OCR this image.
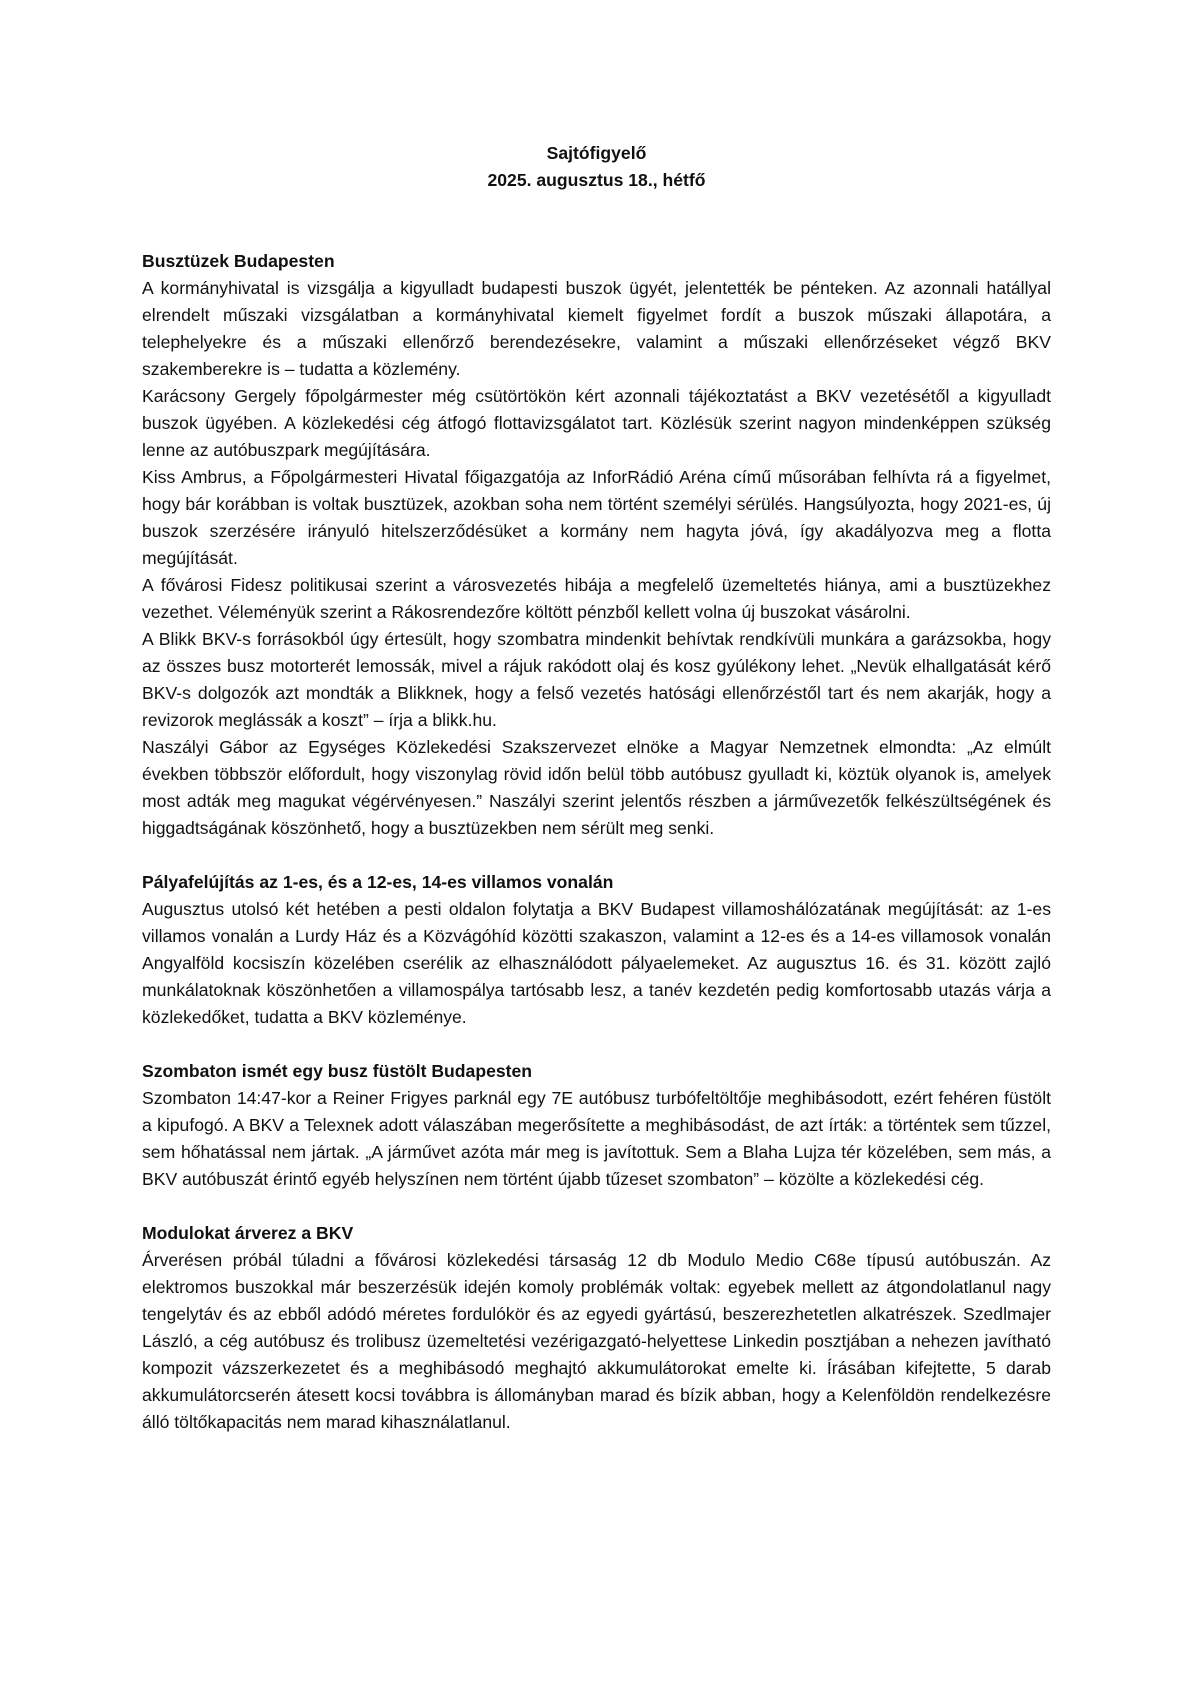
Sajtófigyelő
2025. augusztus 18., hétfő
Busztüzek Budapesten

A kormányhivatal is vizsgálja a kigyulladt budapesti buszok ügyét, jelentették be pénteken. Az azonnali hatállyal elrendelt műszaki vizsgálatban a kormányhivatal kiemelt figyelmet fordít a buszok műszaki állapotára, a telephelyekre és a műszaki ellenőrző berendezésekre, valamint a műszaki ellenőrzéseket végző BKV szakemberekre is – tudatta a közlemény.

Karácsony Gergely főpolgármester még csütörtökön kért azonnali tájékoztatást a BKV vezetésétől a kigyulladt buszok ügyében. A közlekedési cég átfogó flottavizsgálatot tart. Közlésük szerint nagyon mindenképpen szükség lenne az autóbuszpark megújítására.

Kiss Ambrus, a Főpolgármesteri Hivatal főigazgatója az InforRádió Aréna című műsorában felhívta rá a figyelmet, hogy bár korábban is voltak busztüzek, azokban soha nem történt személyi sérülés. Hangsúlyozta, hogy 2021-es, új buszok szerzésére irányuló hitelszerződésüket a kormány nem hagyta jóvá, így akadályozva meg a flotta megújítását.

A fővárosi Fidesz politikusai szerint a városvezetés hibája a megfelelő üzemeltetés hiánya, ami a busztüzekhez vezethet. Véleményük szerint a Rákosrendezőre költött pénzből kellett volna új buszokat vásárolni.

A Blikk BKV-s forrásokból úgy értesült, hogy szombatra mindenkit behívtak rendkívüli munkára a garázsokba, hogy az összes busz motorterét lemossák, mivel a rájuk rakódott olaj és kosz gyúlékony lehet. „Nevük elhallgatását kérő BKV-s dolgozók azt mondták a Blikknek, hogy a felső vezetés hatósági ellenőrzéstől tart és nem akarják, hogy a revizorok meglássák a koszt” – írja a blikk.hu.

Naszályi Gábor az Egységes Közlekedési Szakszervezet elnöke a Magyar Nemzetnek elmondta: „Az elmúlt években többször előfordult, hogy viszonylag rövid időn belül több autóbusz gyulladt ki, köztük olyanok is, amelyek most adták meg magukat végérvényesen.” Naszályi szerint jelentős részben a járművezetők felkészültségének és higgadtságának köszönhető, hogy a busztüzekben nem sérült meg senki.

Pályafelújítás az 1-es, és a 12-es, 14-es villamos vonalán

Augusztus utolsó két hetében a pesti oldalon folytatja a BKV Budapest villamoshálózatának megújítását: az 1-es villamos vonalán a Lurdy Ház és a Közvágóhíd közötti szakaszon, valamint a 12-es és a 14-es villamosok vonalán Angyalföld kocsiszín közelében cserélik az elhasználódott pályaelemeket. Az augusztus 16. és 31. között zajló munkálatoknak köszönhetően a villamospálya tartósabb lesz, a tanév kezdetén pedig komfortosabb utazás várja a közlekedőket, tudatta a BKV közleménye.

Szombaton ismét egy busz füstölt Budapesten

Szombaton 14:47-kor a Reiner Frigyes parknál egy 7E autóbusz turbófeltöltője meghibásodott, ezért fehéren füstölt a kipufogó. A BKV a Telexnek adott válaszában megerősítette a meghibásodást, de azt írták: a történtek sem tűzzel, sem hőhatással nem jártak. „A járművet azóta már meg is javítottuk. Sem a Blaha Lujza tér közelében, sem más, a BKV autóbuszát érintő egyéb helyszínen nem történt újabb tűzeset szombaton” – közölte a közlekedési cég.

Modulokat árverez a BKV

Árverésen próbál túladni a fővárosi közlekedési társaság 12 db Modulo Medio C68e típusú autóbuszán. Az elektromos buszokkal már beszerzésük idején komoly problémák voltak: egyebek mellett az átgondolatlanul nagy tengelytáv és az ebből adódó méretes fordulókör és az egyedi gyártású, beszerezhetetlen alkatrészek. Szedlmajer László, a cég autóbusz és trolibusz üzemeltetési vezérigazgató-helyettese Linkedin posztjában a nehezen javítható kompozit vázszerkezetet és a meghibásodó meghajtó akkumulátorokat emelte ki. Írásában kifejtette, 5 darab akkumulátorcserén átesett kocsi továbbra is állományban marad és bízik abban, hogy a Kelenföldön rendelkezésre álló töltőkapacitás nem marad kihasználatlanul.
